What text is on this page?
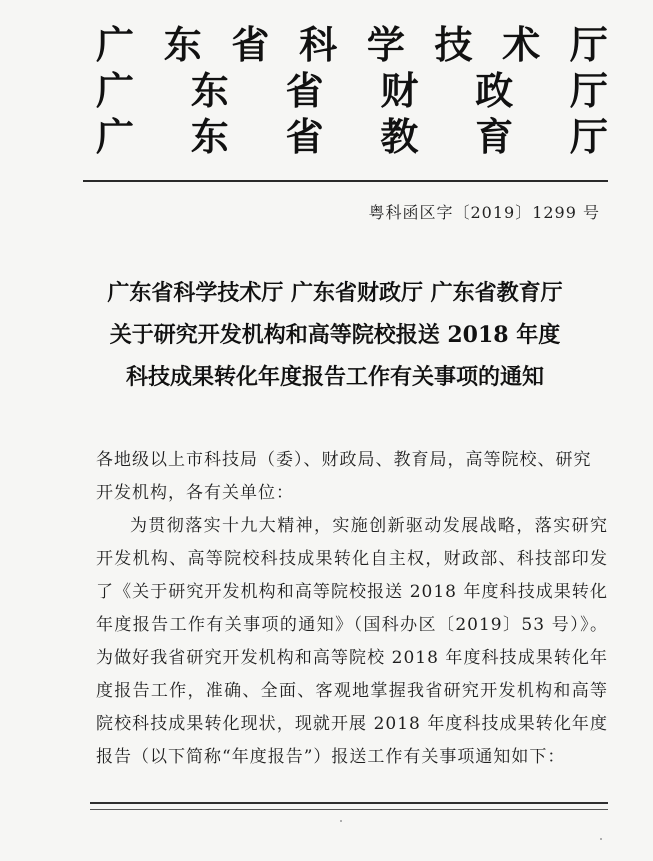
广 东 省 科 学 技 术 厅
广 东 省 财 政 厅
广 东 省 教 育 厅
粤科函区字〔2019〕1299 号
广东省科学技术厅 广东省财政厅 广东省教育厅
关于研究开发机构和高等院校报送 2018 年度
科技成果转化年度报告工作有关事项的通知

各地级以上市科技局（委）、财政局、教育局，高等院校、研究开发机构，各有关单位：

为贯彻落实十九大精神，实施创新驱动发展战略，落实研究开发机构、高等院校科技成果转化自主权，财政部、科技部印发了《关于研究开发机构和高等院校报送 2018 年度科技成果转化年度报告工作有关事项的通知》（国科办区〔2019〕53 号）》。为做好我省研究开发机构和高等院校 2018 年度科技成果转化年度报告工作，准确、全面、客观地掌握我省研究开发机构和高等院校科技成果转化现状，现就开展 2018 年度科技成果转化年度报告（以下简称“年度报告”）报送工作有关事项通知如下：
